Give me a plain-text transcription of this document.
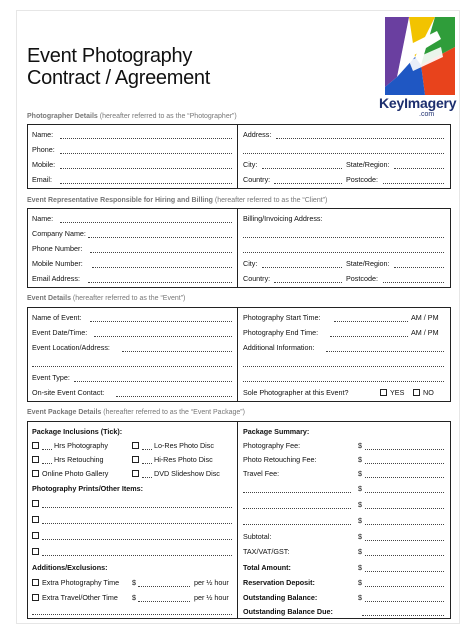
Event Photography
Contract / Agreement
KeyImagery
.com
Photographer Details (hereafter referred to as the “Photographer”)
Name:
Phone:
Mobile:
Email:
Address:
City:	State/Region:
Country:	Postcode:
Event Representative Responsible for Hiring and Billing (hereafter referred to as the “Client”)
Name:
Company Name:
Phone Number:
Mobile Number:
Email Address:
Billing/Invoicing Address:
City:	State/Region:
Country:	Postcode:
Event Details (hereafter referred to as the “Event”)
Name of Event:
Event Date/Time:
Event Location/Address:
Event Type:
On-site Event Contact:
Photography Start Time:	AM / PM
Photography End Time:	AM / PM
Additional Information:
Sole Photographer at this Event?	YES	NO
Event Package Details (hereafter referred to as the “Event Package”)
Package Inclusions (Tick):
Hrs Photography
Hrs Retouching
Online Photo Gallery
Lo-Res Photo Disc
Hi-Res Photo Disc
DVD Slideshow Disc
Photography Prints/Other Items:
Additions/Exclusions:
Extra Photography Time $	per ½ hour
Extra Travel/Other Time $	per ½ hour
Package Summary:
Photography Fee:	$
Photo Retouching Fee:	$
Travel Fee:	$
$
$
$
Subtotal:	$
TAX/VAT/GST:	$
Total Amount:	$
Reservation Deposit:	$
Outstanding Balance:	$
Outstanding Balance Due:
